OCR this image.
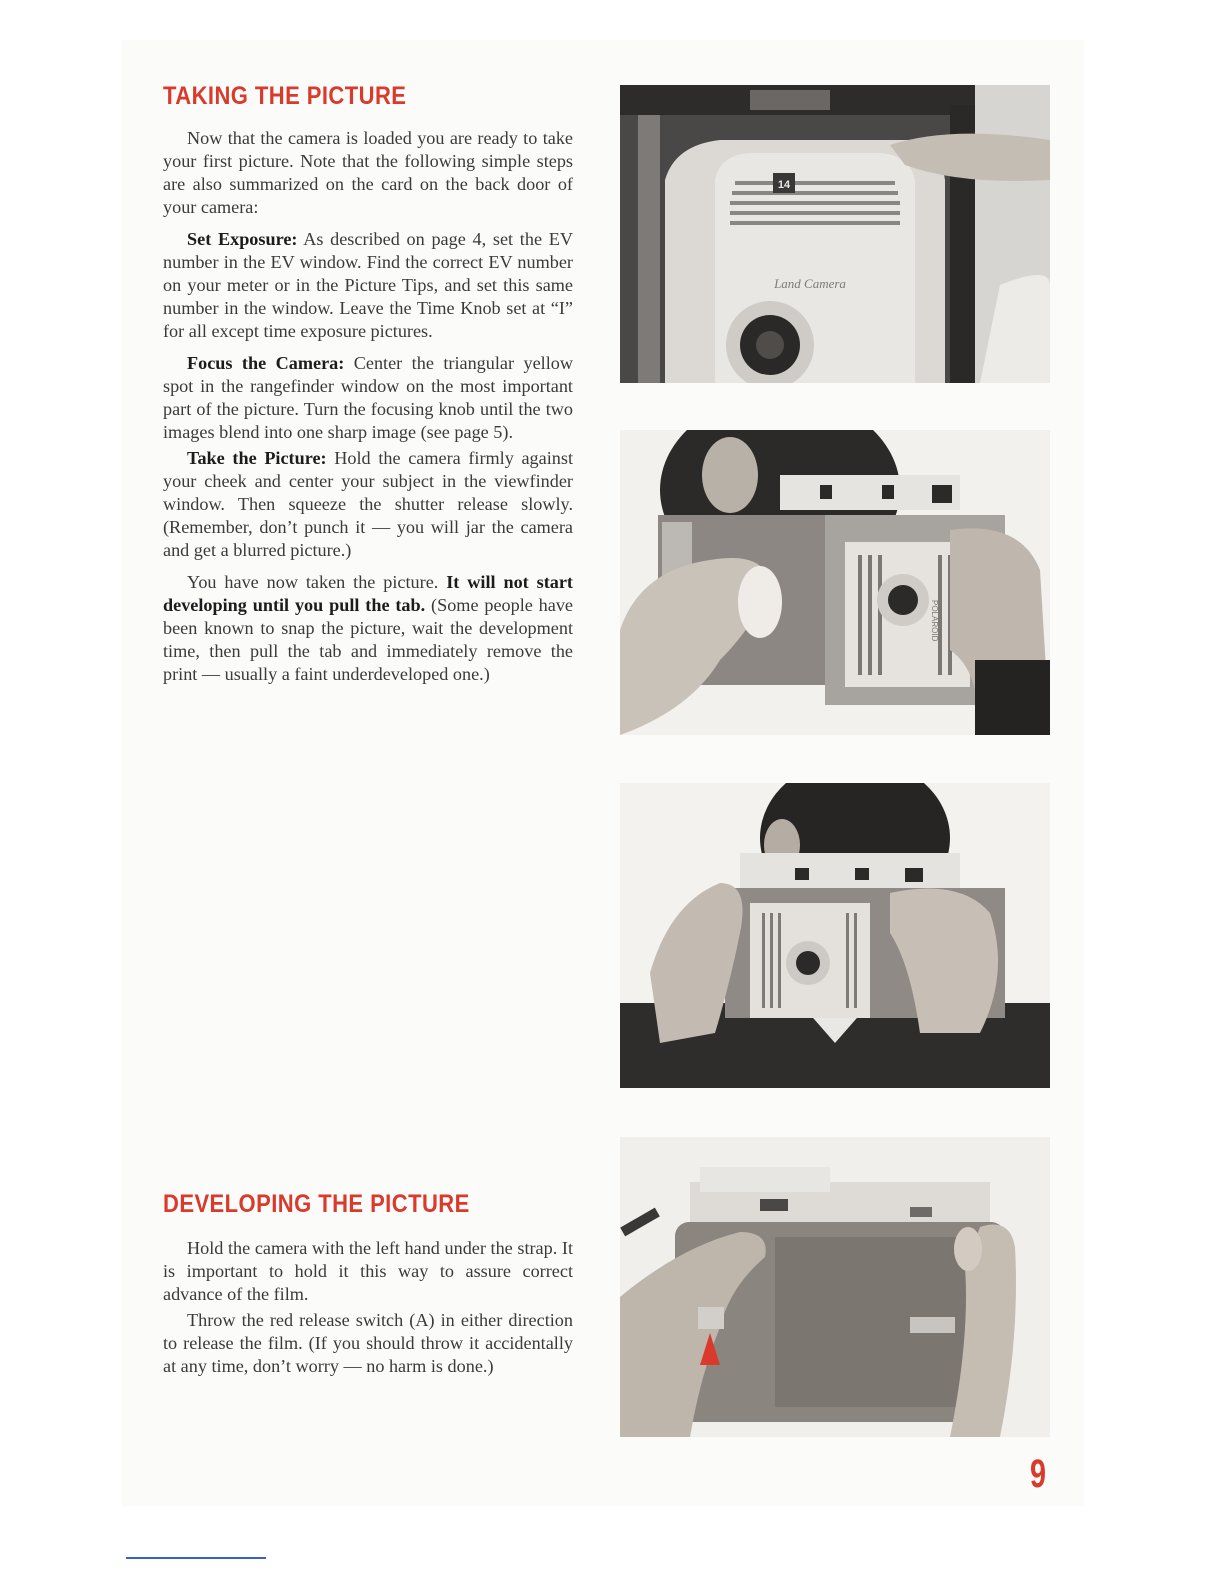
TAKING THE PICTURE

Now that the camera is loaded you are ready to take your first picture. Note that the following simple steps are also summarized on the card on the back door of your camera:

Set Exposure: As described on page 4, set the EV number in the EV window. Find the correct EV number on your meter or in the Picture Tips, and set this same number in the window. Leave the Time Knob set at “I” for all except time exposure pictures.

Focus the Camera: Center the triangular yellow spot in the rangefinder window on the most important part of the picture. Turn the focusing knob until the two images blend into one sharp image (see page 5).

Take the Picture: Hold the camera firmly against your cheek and center your subject in the viewfinder window. Then squeeze the shutter release slowly. (Remember, don’t punch it — you will jar the camera and get a blurred picture.)

You have now taken the picture. It will not start developing until you pull the tab. (Some people have been known to snap the picture, wait the development time, then pull the tab and immediately remove the print — usually a faint underdeveloped one.)

DEVELOPING THE PICTURE

Hold the camera with the left hand under the strap. It is important to hold it this way to assure correct advance of the film.

Throw the red release switch (A) in either direction to release the film. (If you should throw it accidentally at any time, don’t worry — no harm is done.)

14
Land Camera
POLAROID
9
